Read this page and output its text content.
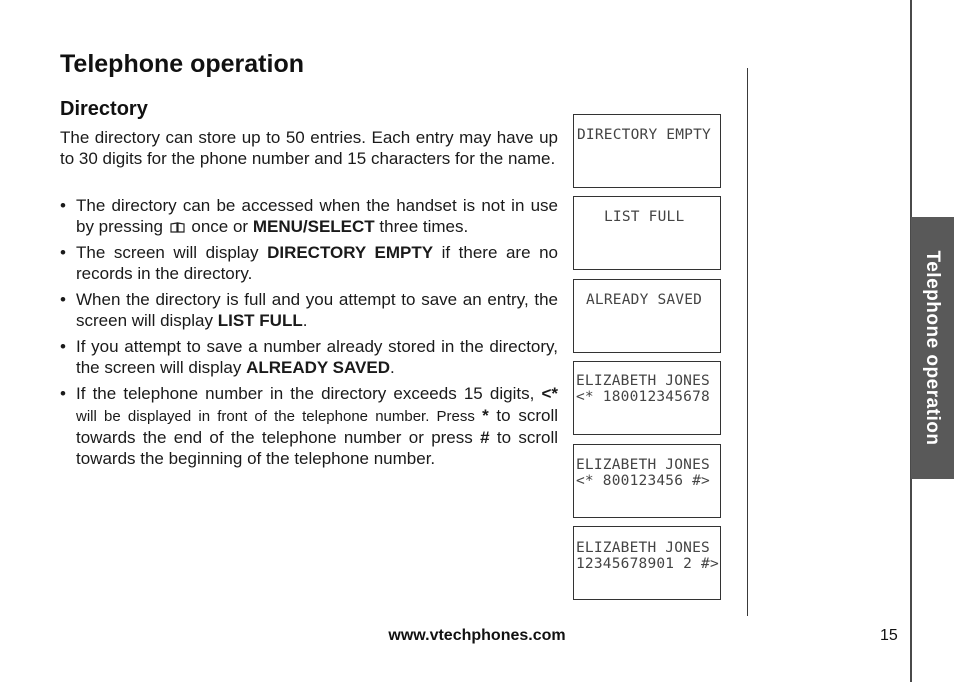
Telephone operation
Telephone operation
Directory

The directory can store up to 50 entries. Each entry may have up to 30 digits for the phone number and 15 characters for the name.

• The directory can be accessed when the handset is not in use by pressing  once or MENU/SELECT three times.
• The screen will display DIRECTORY EMPTY if there are no records in the directory.
• When the directory is full and you attempt to save an entry, the screen will display LIST FULL.
• If you attempt to save a number already stored in the directory, the screen will display ALREADY SAVED.
• If the telephone number in the directory exceeds 15 digits, <* will be displayed in front of the telephone number. Press * to scroll towards the end of the telephone number or press # to scroll towards the beginning of the telephone number.
DIRECTORY EMPTY
LIST FULL
ALREADY SAVED
ELIZABETH JONES
<* 180012345678
ELIZABETH JONES
<* 800123456 #>
ELIZABETH JONES
12345678901 2 #>
www.vtechphones.com	15
